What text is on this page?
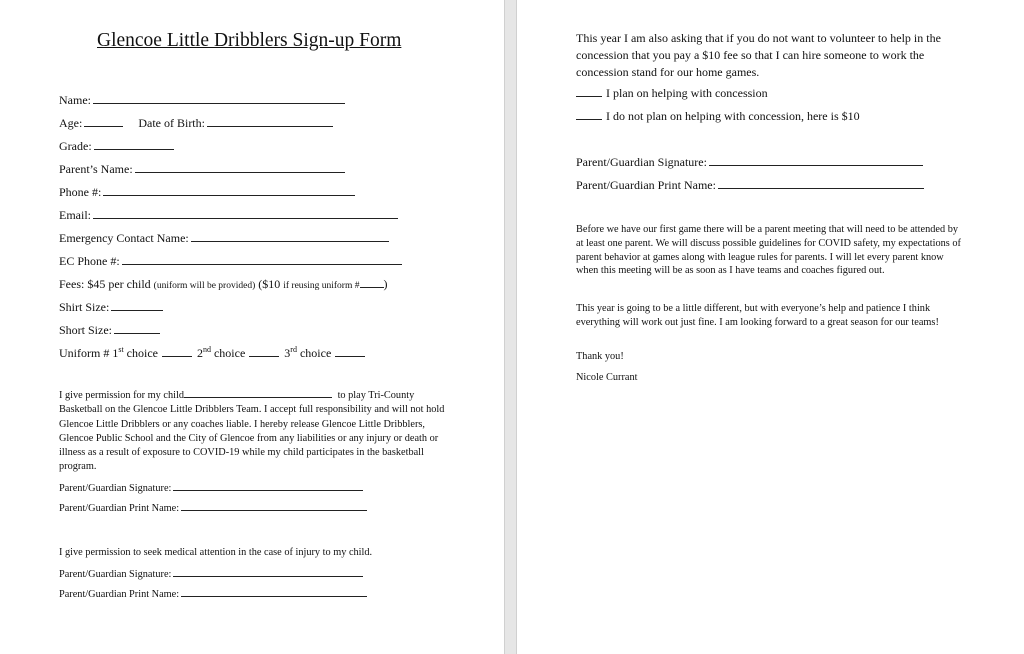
Glencoe Little Dribblers Sign-up Form
Name:
Age:	Date of Birth:
Grade:
Parent’s Name:
Phone #:
Email:
Emergency Contact Name:
EC Phone #:
Fees: $45 per child (uniform will be provided) ($10 if reusing uniform # )
Shirt Size:
Short Size:
Uniform # 1st choice	2nd choice	3rd choice
I give permission for my child	to play Tri-County Basketball on the Glencoe Little Dribblers Team. I accept full responsibility and will not hold Glencoe Little Dribblers or any coaches liable. I hereby release Glencoe Little Dribblers, Glencoe Public School and the City of Glencoe from any liabilities or any injury or death or illness as a result of exposure to COVID-19 while my child participates in the basketball program.
Parent/Guardian Signature:
Parent/Guardian Print Name:
I give permission to seek medical attention in the case of injury to my child.
Parent/Guardian Signature:
Parent/Guardian Print Name:
This year I am also asking that if you do not want to volunteer to help in the concession that you pay a $10 fee so that I can hire someone to work the concession stand for our home games.
I plan on helping with concession
I do not plan on helping with concession, here is $10
Parent/Guardian Signature:
Parent/Guardian Print Name:
Before we have our first game there will be a parent meeting that will need to be attended by at least one parent. We will discuss possible guidelines for COVID safety, my expectations of parent behavior at games along with league rules for parents. I will let every parent know when this meeting will be as soon as I have teams and coaches figured out.
This year is going to be a little different, but with everyone’s help and patience I think everything will work out just fine. I am looking forward to a great season for our teams!
Thank you!
Nicole Currant
